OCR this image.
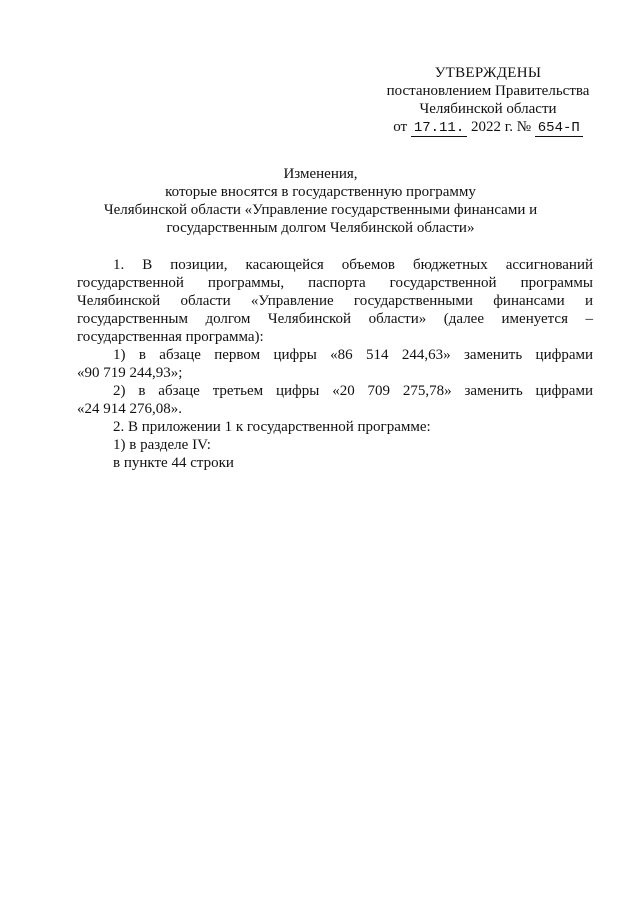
УТВЕРЖДЕНЫ
постановлением Правительства
Челябинской области
от 17.11. 2022 г. № 654-П
Изменения,
которые вносятся в государственную программу
Челябинской области «Управление государственными финансами и
государственным долгом Челябинской области»
1. В позиции, касающейся объемов бюджетных ассигнований
государственной программы, паспорта государственной программы
Челябинской области «Управление государственными финансами и
государственным долгом Челябинской области» (далее именуется –
государственная программа):
1) в абзаце первом цифры «86 514 244,63» заменить цифрами
«90 719 244,93»;
2) в абзаце третьем цифры «20 709 275,78» заменить цифрами
«24 914 276,08».
2. В приложении 1 к государственной программе:
1) в разделе IV:
в пункте 44 строки
